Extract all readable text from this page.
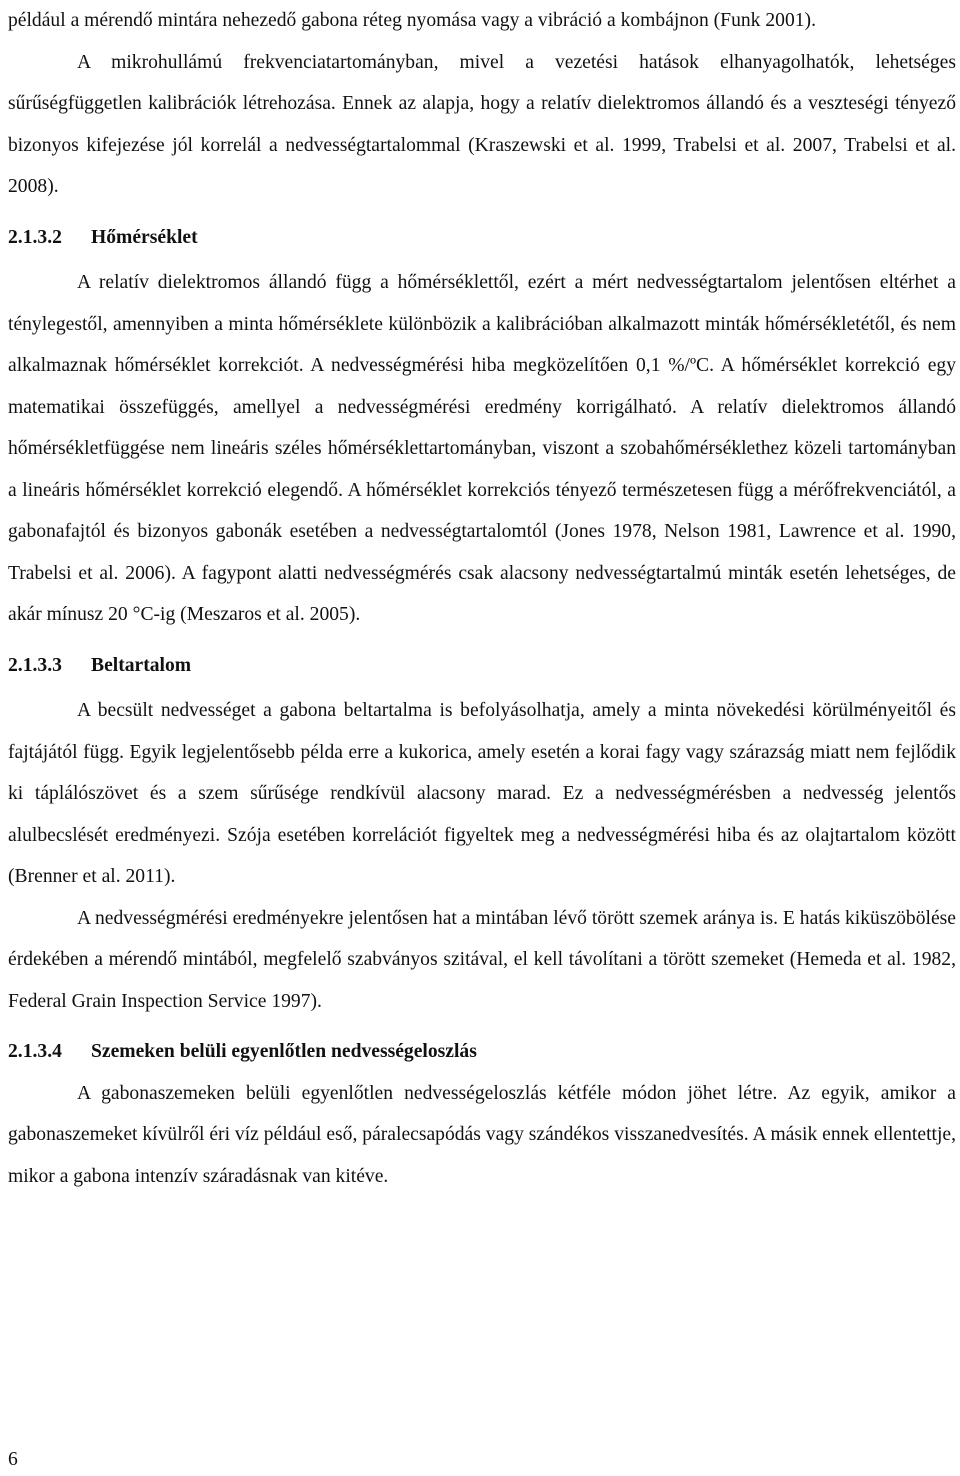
például a mérendő mintára nehezedő gabona réteg nyomása vagy a vibráció a kombájnon (Funk 2001).

A mikrohullámú frekvenciatartományban, mivel a vezetési hatások elhanyagolhatók, lehetséges sűrűségfüggetlen kalibrációk létrehozása. Ennek az alapja, hogy a relatív dielektromos állandó és a veszteségi tényező bizonyos kifejezése jól korrelál a nedvességtartalommal (Kraszewski et al. 1999, Trabelsi et al. 2007, Trabelsi et al. 2008).

2.1.3.2 Hőmérséklet

A relatív dielektromos állandó függ a hőmérséklettől, ezért a mért nedvességtartalom jelentősen eltérhet a ténylegestől, amennyiben a minta hőmérséklete különbözik a kalibrációban alkalmazott minták hőmérsékletétől, és nem alkalmaznak hőmérséklet korrekciót. A nedvességmérési hiba megközelítően 0,1 %/ºC. A hőmérséklet korrekció egy matematikai összefüggés, amellyel a nedvességmérési eredmény korrigálható. A relatív dielektromos állandó hőmérsékletfüggése nem lineáris széles hőmérséklettartományban, viszont a szobahőmérséklethez közeli tartományban a lineáris hőmérséklet korrekció elegendő. A hőmérséklet korrekciós tényező természetesen függ a mérőfrekvenciától, a gabonafajtól és bizonyos gabonák esetében a nedvességtartalomtól (Jones 1978, Nelson 1981, Lawrence et al. 1990, Trabelsi et al. 2006). A fagypont alatti nedvességmérés csak alacsony nedvességtartalmú minták esetén lehetséges, de akár mínusz 20 °C-ig (Meszaros et al. 2005).

2.1.3.3 Beltartalom

A becsült nedvességet a gabona beltartalma is befolyásolhatja, amely a minta növekedési körülményeitől és fajtájától függ. Egyik legjelentősebb példa erre a kukorica, amely esetén a korai fagy vagy szárazság miatt nem fejlődik ki táplálószövet és a szem sűrűsége rendkívül alacsony marad. Ez a nedvességmérésben a nedvesség jelentős alulbecslését eredményezi. Szója esetében korrelációt figyeltek meg a nedvességmérési hiba és az olajtartalom között (Brenner et al. 2011).

A nedvességmérési eredményekre jelentősen hat a mintában lévő törött szemek aránya is. E hatás kiküszöbölése érdekében a mérendő mintából, megfelelő szabványos szitával, el kell távolítani a törött szemeket (Hemeda et al. 1982, Federal Grain Inspection Service 1997).

2.1.3.4 Szemeken belüli egyenlőtlen nedvességeloszlás

A gabonaszemeken belüli egyenlőtlen nedvességeloszlás kétféle módon jöhet létre. Az egyik, amikor a gabonaszemeket kívülről éri víz például eső, páralecsapódás vagy szándékos visszanedvesítés. A másik ennek ellentettje, mikor a gabona intenzív száradásnak van kitéve.

6
